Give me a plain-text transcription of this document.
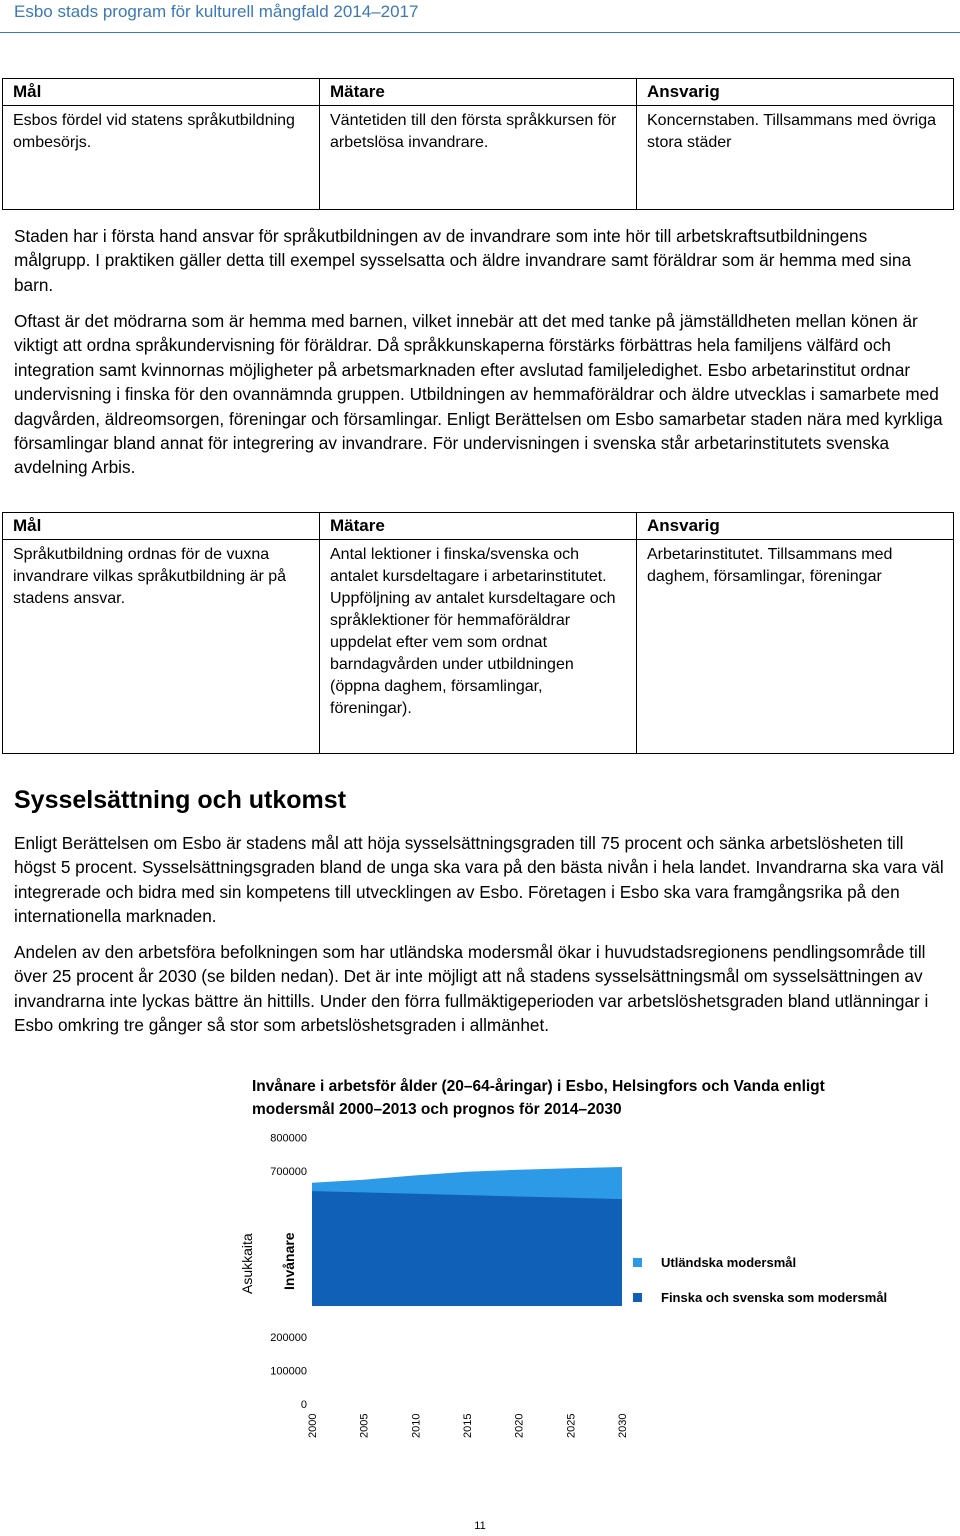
Esbo stads program för kulturell mångfald 2014–2017
Mål	Mätare	Ansvarig
Esbos fördel vid statens språkutbildning ombesörjs.	Väntetiden till den första språkkursen för arbetslösa invandrare.	Koncernstaben. Tillsammans med övriga stora städer

Staden har i första hand ansvar för språkutbildningen av de invandrare som inte hör till arbetskraftsutbildningens målgrupp. I praktiken gäller detta till exempel sysselsatta och äldre invandrare samt föräldrar som är hemma med sina barn.

Oftast är det mödrarna som är hemma med barnen, vilket innebär att det med tanke på jämställdheten mellan könen är viktigt att ordna språkundervisning för föräldrar. Då språkkunskaperna förstärks förbättras hela familjens välfärd och integration samt kvinnornas möjligheter på arbetsmarknaden efter avslutad familjeledighet. Esbo arbetarinstitut ordnar undervisning i finska för den ovannämnda gruppen. Utbildningen av hemmaföräldrar och äldre utvecklas i samarbete med dagvården, äldreomsorgen, föreningar och församlingar. Enligt Berättelsen om Esbo samarbetar staden nära med kyrkliga församlingar bland annat för integrering av invandrare. För undervisningen i svenska står arbetarinstitutets svenska avdelning Arbis.

Mål	Mätare	Ansvarig
Språkutbildning ordnas för de vuxna invandrare vilkas språkutbildning är på stadens ansvar.	Antal lektioner i finska/svenska och antalet kursdeltagare i arbetarinstitutet. Uppföljning av antalet kursdeltagare och språklektioner för hemmaföräldrar uppdelat efter vem som ordnat barndagvården under utbildningen (öppna daghem, församlingar, föreningar).	Arbetarinstitutet. Tillsammans med daghem, församlingar, föreningar
Sysselsättning och utkomst

Enligt Berättelsen om Esbo är stadens mål att höja sysselsättningsgraden till 75 procent och sänka arbetslösheten till högst 5 procent. Sysselsättningsgraden bland de unga ska vara på den bästa nivån i hela landet. Invandrarna ska vara väl integrerade och bidra med sin kompetens till utvecklingen av Esbo. Företagen i Esbo ska vara framgångsrika på den internationella marknaden.

Andelen av den arbetsföra befolkningen som har utländska modersmål ökar i huvudstadsregionens pendlingsområde till över 25 procent år 2030 (se bilden nedan). Det är inte möjligt att nå stadens sysselsättningsmål om sysselsättningen av invandrarna inte lyckas bättre än hittills. Under den förra fullmäktigeperioden var arbetslöshetsgraden bland utlänningar i Esbo omkring tre gånger så stor som arbetslöshetsgraden i allmänhet.

Invånare i arbetsför ålder (20–64-åringar) i Esbo, Helsingfors och Vanda enligt modersmål 2000–2013 och prognos för 2014–2030
0
100000
200000
700000
800000
2000	2005	2010	2015	2020	2025	2030
Asukkaita Invånare	Utländska modersmål
Finska och svenska som modersmål
11
